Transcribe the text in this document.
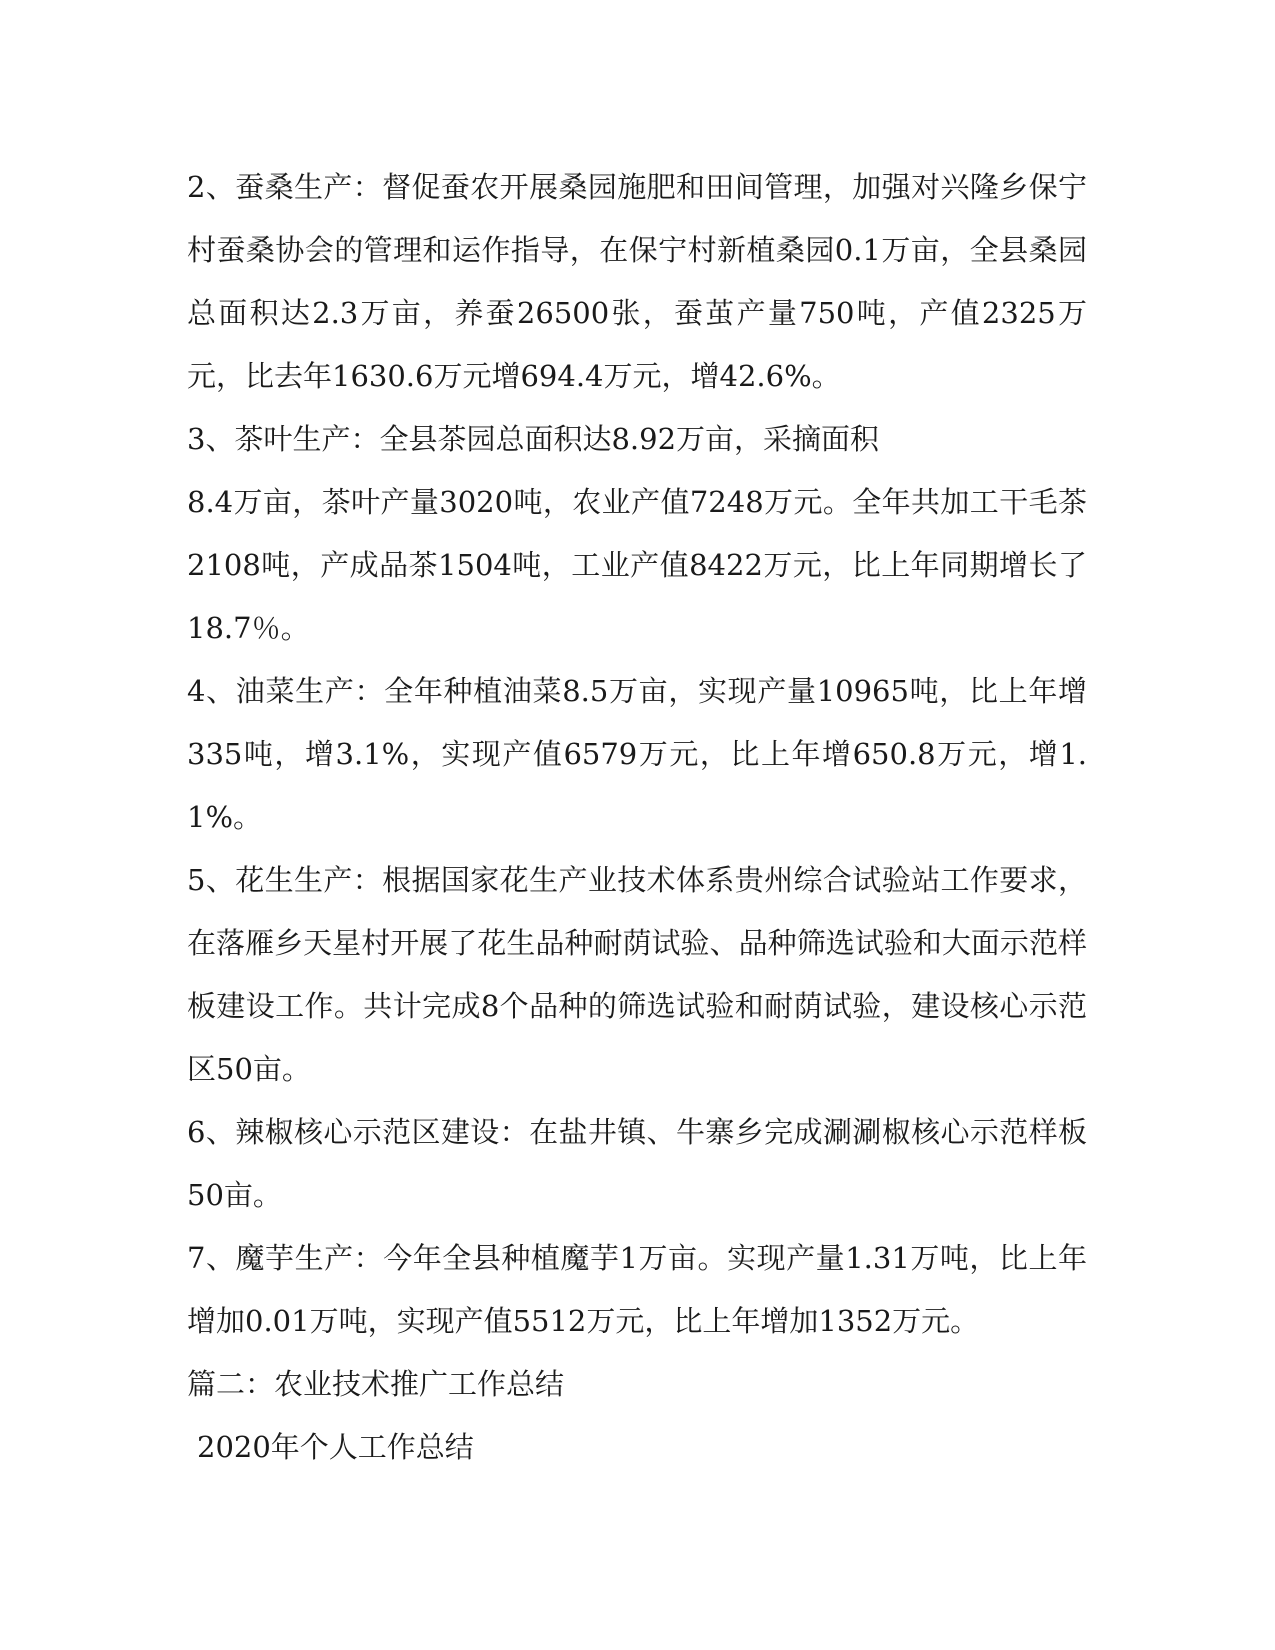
2、蚕桑生产：督促蚕农开展桑园施肥和田间管理，加强对兴隆乡保宁村蚕桑协会的管理和运作指导，在保宁村新植桑园0.1万亩，全县桑园总面积达2.3万亩，养蚕26500张，蚕茧产量750吨，产值2325万元，比去年1630.6万元增694.4万元，增42.6%。

3、茶叶生产：全县茶园总面积达8.92万亩，采摘面积

8.4万亩，茶叶产量3020吨，农业产值7248万元。全年共加工干毛茶2108吨，产成品茶1504吨，工业产值8422万元，比上年同期增长了18.7％。

4、油菜生产：全年种植油菜8.5万亩，实现产量10965吨，比上年增335吨，增3.1%，实现产值6579万元，比上年增650.8万元，增1.1%。

5、花生生产：根据国家花生产业技术体系贵州综合试验站工作要求，在落雁乡天星村开展了花生品种耐荫试验、品种筛选试验和大面示范样板建设工作。共计完成8个品种的筛选试验和耐荫试验，建设核心示范区50亩。

6、辣椒核心示范区建设：在盐井镇、牛寨乡完成涮涮椒核心示范样板50亩。

7、魔芋生产：今年全县种植魔芋1万亩。实现产量1.31万吨，比上年增加0.01万吨，实现产值5512万元，比上年增加1352万元。

篇二：农业技术推广工作总结

2020年个人工作总结
